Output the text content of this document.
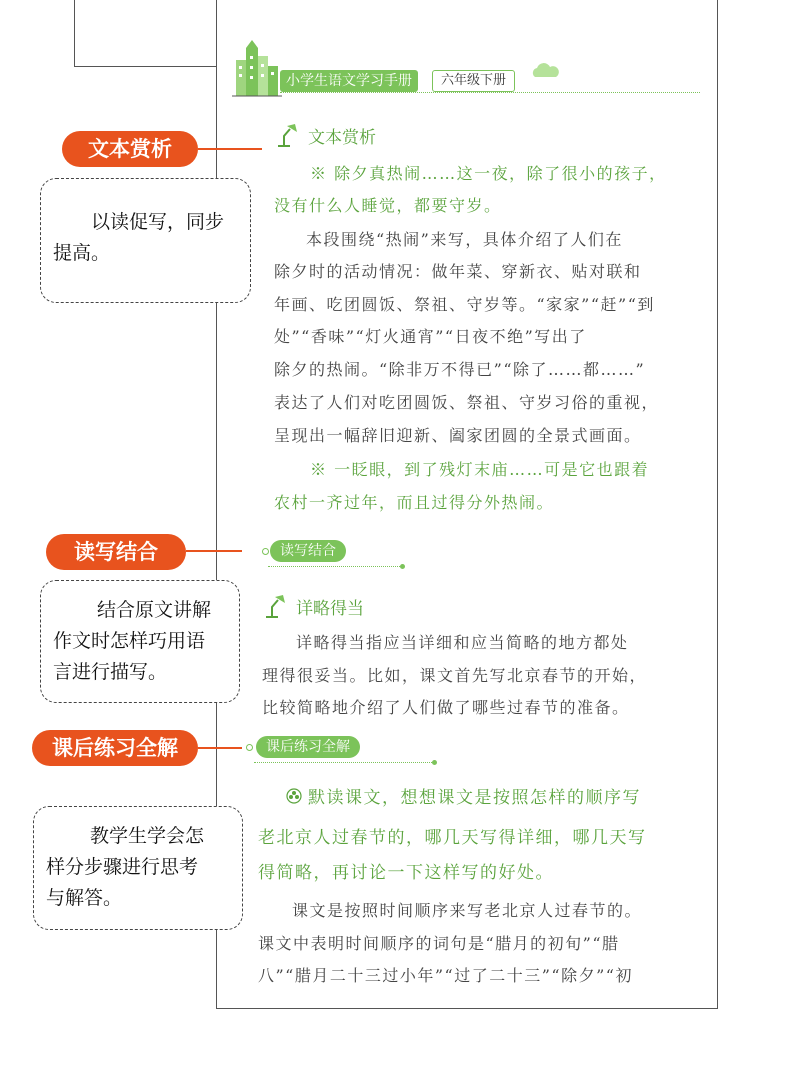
小学生语文学习手册	六年级下册
文本赏析
※ 除夕真热闹……这一夜，除了很小的孩子，
没有什么人睡觉，都要守岁。
本段围绕“热闹”来写，具体介绍了人们在
除夕时的活动情况：做年菜、穿新衣、贴对联和
年画、吃团圆饭、祭祖、守岁等。“家家”“赶”“到
处”“香味”“灯火通宵”“日夜不绝”写出了
除夕的热闹。“除非万不得已”“除了……都……”
表达了人们对吃团圆饭、祭祖、守岁习俗的重视，
呈现出一幅辞旧迎新、阖家团圆的全景式画面。
※ 一眨眼，到了残灯末庙……可是它也跟着
农村一齐过年，而且过得分外热闹。
读写结合
详略得当
详略得当指应当详细和应当简略的地方都处
理得很妥当。比如，课文首先写北京春节的开始，
比较简略地介绍了人们做了哪些过春节的准备。
课后练习全解
默读课文，想想课文是按照怎样的顺序写
老北京人过春节的，哪几天写得详细，哪几天写
得简略，再讨论一下这样写的好处。
课文是按照时间顺序来写老北京人过春节的。
课文中表明时间顺序的词句是“腊月的初旬”“腊
八”“腊月二十三过小年”“过了二十三”“除夕”“初
文本赏析

以读促写，同步

提高。

读写结合

结合原文讲解

作文时怎样巧用语

言进行描写。

课后练习全解

教学生学会怎

样分步骤进行思考

与解答。
